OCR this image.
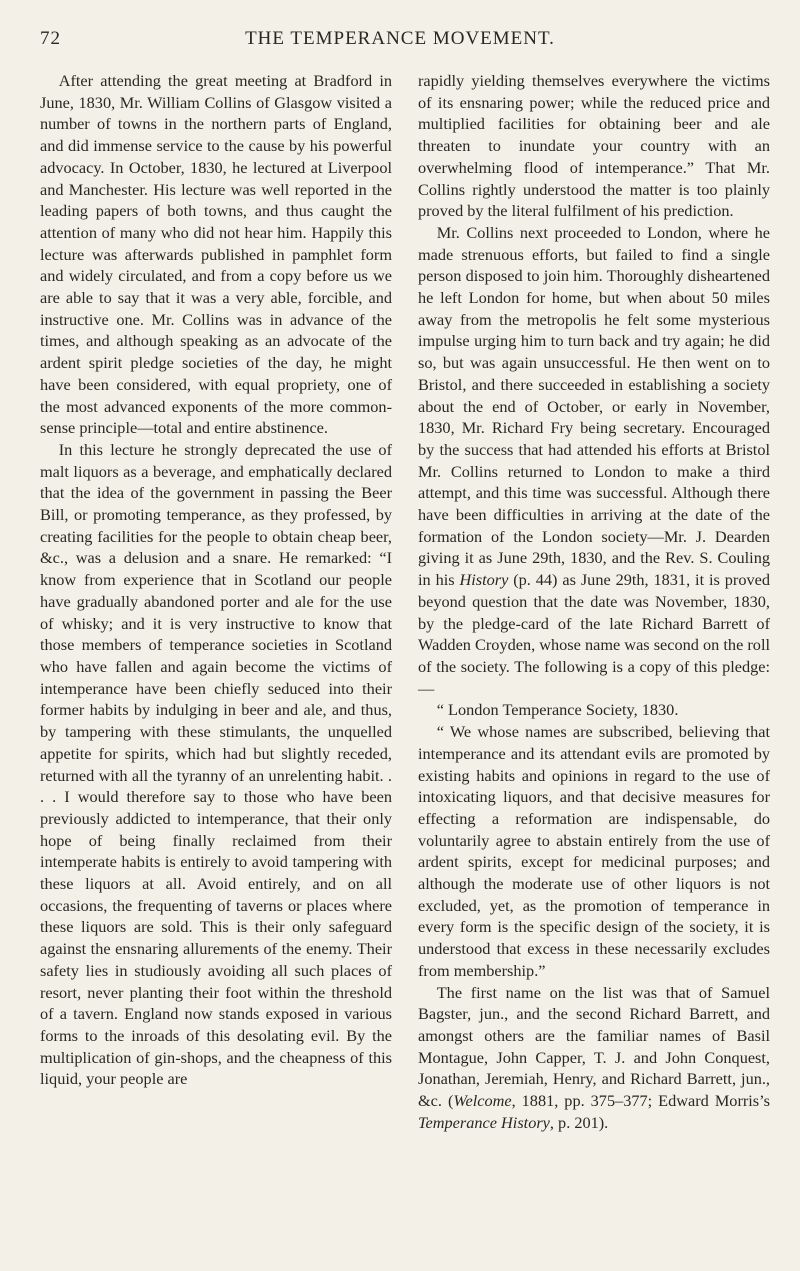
72	THE TEMPERANCE MOVEMENT.

After attending the great meeting at Bradford in June, 1830, Mr. William Collins of Glasgow visited a number of towns in the northern parts of England, and did immense service to the cause by his powerful advocacy. In October, 1830, he lectured at Liverpool and Manchester. His lecture was well reported in the leading papers of both towns, and thus caught the attention of many who did not hear him. Happily this lecture was afterwards published in pamphlet form and widely circulated, and from a copy before us we are able to say that it was a very able, forcible, and instructive one. Mr. Collins was in advance of the times, and although speaking as an advocate of the ardent spirit pledge societies of the day, he might have been considered, with equal propriety, one of the most advanced exponents of the more common-sense principle—total and entire abstinence.

In this lecture he strongly deprecated the use of malt liquors as a beverage, and emphatically declared that the idea of the government in passing the Beer Bill, or promoting temperance, as they professed, by creating facilities for the people to obtain cheap beer, &c., was a delusion and a snare. He remarked: “I know from experience that in Scotland our people have gradually abandoned porter and ale for the use of whisky; and it is very instructive to know that those members of temperance societies in Scotland who have fallen and again become the victims of intemperance have been chiefly seduced into their former habits by indulging in beer and ale, and thus, by tampering with these stimulants, the unquelled appetite for spirits, which had but slightly receded, returned with all the tyranny of an unrelenting habit. . . . I would therefore say to those who have been previously addicted to intemperance, that their only hope of being finally reclaimed from their intemperate habits is entirely to avoid tampering with these liquors at all. Avoid entirely, and on all occasions, the frequenting of taverns or places where these liquors are sold. This is their only safeguard against the ensnaring allurements of the enemy. Their safety lies in studiously avoiding all such places of resort, never planting their foot within the threshold of a tavern. England now stands exposed in various forms to the inroads of this desolating evil. By the multiplication of gin-shops, and the cheapness of this liquid, your people are

rapidly yielding themselves everywhere the victims of its ensnaring power; while the reduced price and multiplied facilities for obtaining beer and ale threaten to inundate your country with an overwhelming flood of intemperance.” That Mr. Collins rightly understood the matter is too plainly proved by the literal fulfilment of his prediction.

Mr. Collins next proceeded to London, where he made strenuous efforts, but failed to find a single person disposed to join him. Thoroughly disheartened he left London for home, but when about 50 miles away from the metropolis he felt some mysterious impulse urging him to turn back and try again; he did so, but was again unsuccessful. He then went on to Bristol, and there succeeded in establishing a society about the end of October, or early in November, 1830, Mr. Richard Fry being secretary. Encouraged by the success that had attended his efforts at Bristol Mr. Collins returned to London to make a third attempt, and this time was successful. Although there have been difficulties in arriving at the date of the formation of the London society—Mr. J. Dearden giving it as June 29th, 1830, and the Rev. S. Couling in his History (p. 44) as June 29th, 1831, it is proved beyond question that the date was November, 1830, by the pledge-card of the late Richard Barrett of Wadden Croyden, whose name was second on the roll of the society. The following is a copy of this pledge:—

“ London Temperance Society, 1830.

“ We whose names are subscribed, believing that intemperance and its attendant evils are promoted by existing habits and opinions in regard to the use of intoxicating liquors, and that decisive measures for effecting a reformation are indispensable, do voluntarily agree to abstain entirely from the use of ardent spirits, except for medicinal purposes; and although the moderate use of other liquors is not excluded, yet, as the promotion of temperance in every form is the specific design of the society, it is understood that excess in these necessarily excludes from membership.”

The first name on the list was that of Samuel Bagster, jun., and the second Richard Barrett, and amongst others are the familiar names of Basil Montague, John Capper, T. J. and John Conquest, Jonathan, Jeremiah, Henry, and Richard Barrett, jun., &c. (Welcome, 1881, pp. 375–377; Edward Morris’s Temperance History, p. 201).
